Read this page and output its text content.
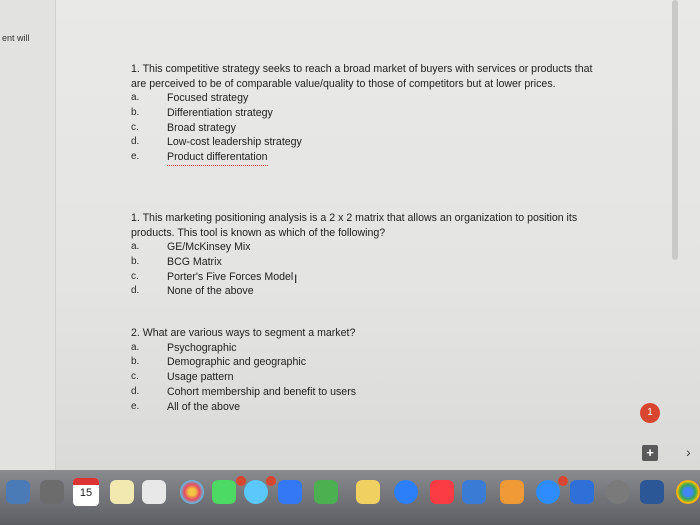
ent will

1. This competitive strategy seeks to reach a broad market of buyers with services or products that are perceived to be of comparable value/quality to those of competitors but at lower prices.

a.	Focused strategy
b.	Differentiation strategy
c.	Broad strategy
d.	Low-cost leadership strategy
e.	Product differentation

1. This marketing positioning analysis is a 2 x 2 matrix that allows an organization to position its products. This tool is known as which of the following?

a.	GE/McKinsey Mix
b.	BCG Matrix
c.	Porter's Five Forces Model
d.	None of the above

2. What are various ways to segment a market?

a.	Psychographic
b.	Demographic and geographic
c.	Usage pattern
d.	Cohort membership and benefit to users
e.	All of the above
I
1
+	›
15
